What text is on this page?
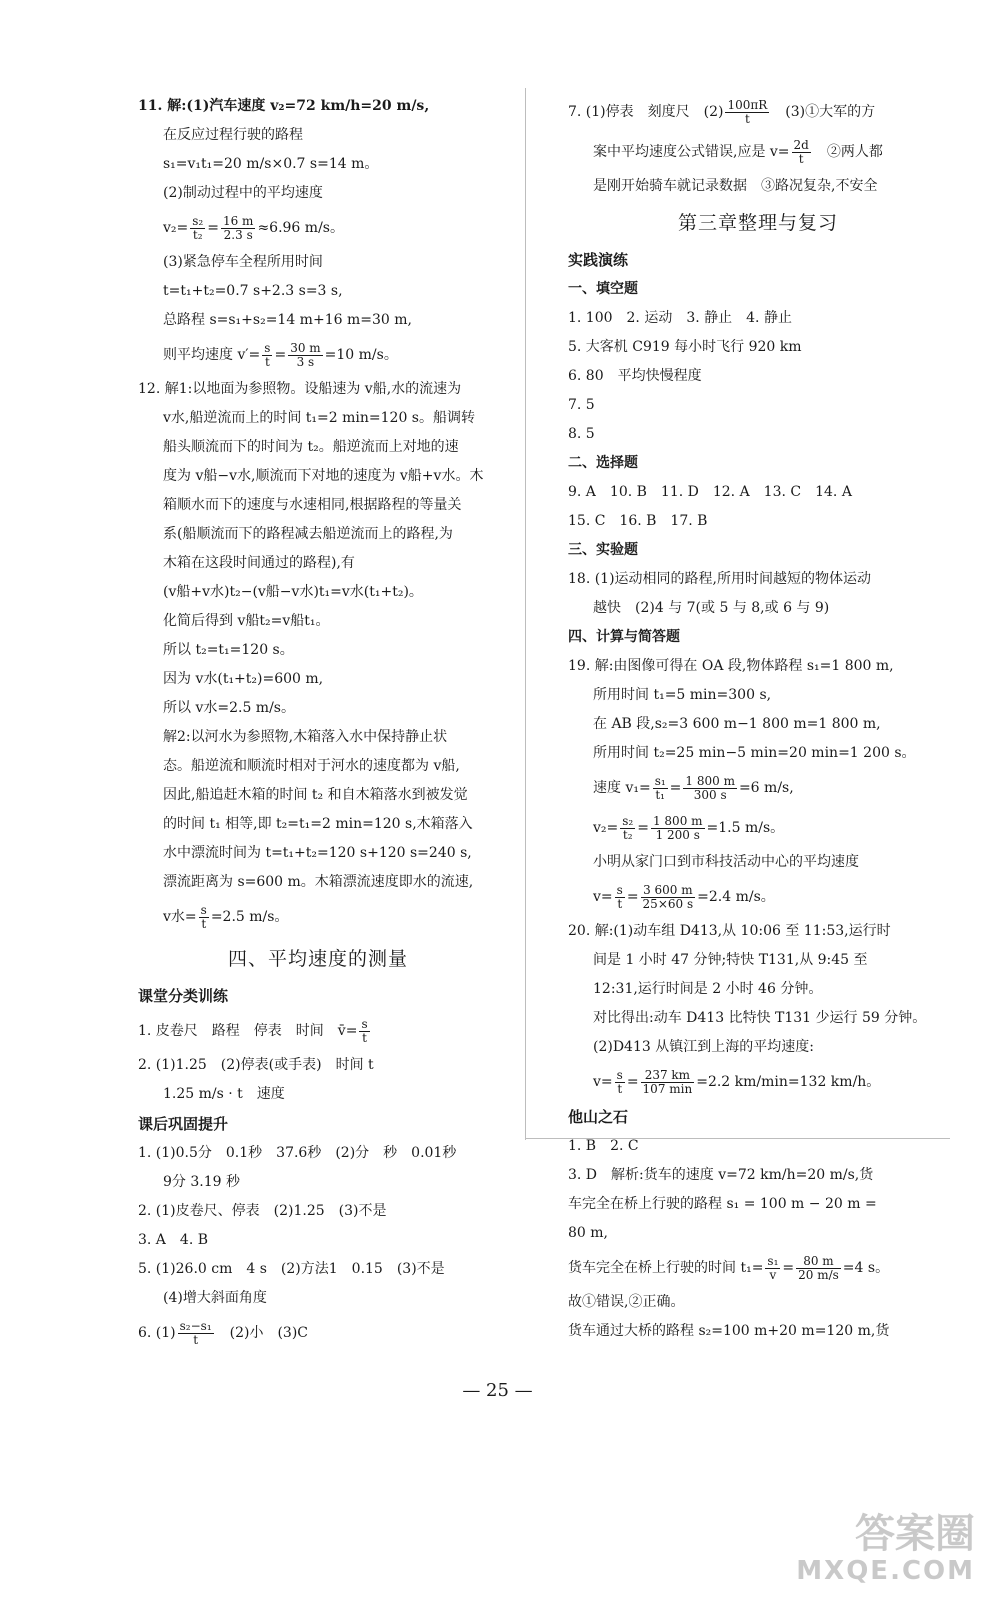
11. 解:(1)汽车速度 v₂=72 km/h=20 m/s,
在反应过程行驶的路程
s₁=v₁t₁=20 m/s×0.7 s=14 m。
(2)制动过程中的平均速度
$v_2= \frac{\text{s₂}}{\text{t₂}} = \frac{16 m}{2.3 s} \approx 6.96$ m/s。
(3)紧急停车全程所用时间
t=t₁+t₂=0.7 s+2.3 s=3 s,
总路程 s=s₁+s₂=14 m+16 m=30 m,
则平均速度 $v'= \frac{s}{t} = \frac{30 m}{3 s} =10$ m/s。
12. 解1:以地面为参照物。设船速为 v船,水的流速为
v水,船逆流而上的时间 t₁=2 min=120 s。船调转
船头顺流而下的时间为 t₂。船逆流而上对地的速
度为 v船−v水,顺流而下对地的速度为 v船+v水。木
箱顺水而下的速度与水速相同,根据路程的等量关
系(船顺流而下的路程减去船逆流而上的路程,为
木箱在这段时间通过的路程),有
(v船+v水)t₂−(v船−v水)t₁=v水(t₁+t₂)。
化简后得到 v船t₂=v船t₁。
所以 t₂=t₁=120 s。
因为 v水(t₁+t₂)=600 m,
所以 v水=2.5 m/s。
解2:以河水为参照物,木箱落入水中保持静止状
态。船逆流和顺流时相对于河水的速度都为 v船,
因此,船追赶木箱的时间 t₂ 和自木箱落水到被发觉
的时间 t₁ 相等,即 t₂=t₁=2 min=120 s,木箱落入
水中漂流时间为 t=t₁+t₂=120 s+120 s=240 s,
漂流距离为 s=600 m。木箱漂流速度即水的流速,
v水= $\frac{s}{t} =2.5$ m/s。
四、平均速度的测量
课堂分类训练
1. 皮卷尺　路程　停表　时间　v̄= $\frac{s}{t}$
2. (1)1.25　(2)停表(或手表)　时间 t
1.25 m/s · t　速度
课后巩固提升
1. (1)0.5分　0.1秒　37.6秒　(2)分　秒　0.01秒
9分 3.19 秒
2. (1)皮卷尺、停表　(2)1.25　(3)不是
3. A　4. B
5. (1)26.0 cm　4 s　(2)方法1　0.15　(3)不是
(4)增大斜面角度
6. $(1) \frac{\text{s₂−s₁}}{t}$ 　(2)小　(3)C
7. (1)停表　刻度尺　$(2) \frac{100\pi R}{t}$ 　(3)①大军的方
案中平均速度公式错误,应是 $v= \frac{2d}{t}$ 　②两人都
是刚开始骑车就记录数据　③路况复杂,不安全
第三章整理与复习
实践演练
一、填空题
1. 100　2. 运动　3. 静止　4. 静止
5. 大客机 C919 每小时飞行 920 km
6. 80　平均快慢程度
7. 5
8. 5
二、选择题
9. A　10. B　11. D　12. A　13. C　14. A
15. C　16. B　17. B
三、实验题
18. (1)运动相同的路程,所用时间越短的物体运动
越快　(2)4 与 7(或 5 与 8,或 6 与 9)
四、计算与简答题
19. 解:由图像可得在 OA 段,物体路程 s₁=1 800 m,
所用时间 t₁=5 min=300 s,
在 AB 段,s₂=3 600 m−1 800 m=1 800 m,
所用时间 t₂=25 min−5 min=20 min=1 200 s。
速度 $v_1= \frac{\text{s₁}}{\text{t₁}} = \frac{1 800 m}{300 s} =6$ m/s,
$v_2= \frac{\text{s₂}}{\text{t₂}} = \frac{1 800 m}{1 200 s} =1.5$ m/s。
小明从家门口到市科技活动中心的平均速度
$v= \frac{s}{t} = \frac{3 600 m}{25\times 60 s} =2.4$ m/s。
20. 解:(1)动车组 D413,从 10:06 至 11:53,运行时
间是 1 小时 47 分钟;特快 T131,从 9:45 至
12:31,运行时间是 2 小时 46 分钟。
对比得出:动车 D413 比特快 T131 少运行 59 分钟。
(2)D413 从镇江到上海的平均速度:
$v= \frac{s}{t} = \frac{237 km}{107 \min} =2.2$ km/min=132 km/h。
他山之石
1. B　2. C
3. D　解析:货车的速度 v=72 km/h=20 m/s,货
车完全在桥上行驶的路程 s₁ = 100 m − 20 m =
80 m,
货车完全在桥上行驶的时间 $t_1= \frac{\text{s₁}}{v} = \frac{80 m}{20 m/s} =4$ s。
故①错误,②正确。
货车通过大桥的路程 s₂=100 m+20 m=120 m,货
— 25 —
答案圈
MXQE.COM
